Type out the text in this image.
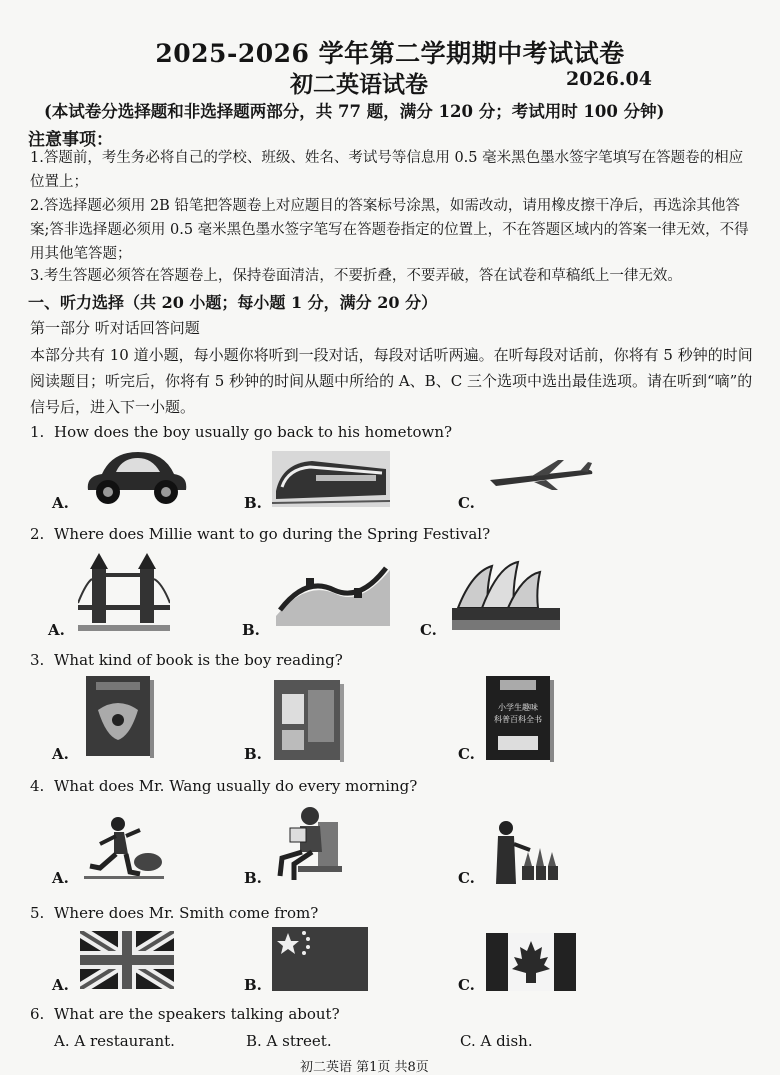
2025-2026 学年第二学期期中考试试卷
初二英语试卷	2026.04
(本试卷分选择题和非选择题两部分，共 77 题，满分 120 分；考试用时 100 分钟)
注意事项：
1.答题前，考生务必将自己的学校、班级、姓名、考试号等信息用 0.5 毫米黑色墨水签字笔填写在答题卷的相应位置上；
2.答选择题必须用 2B 铅笔把答题卷上对应题目的答案标号涂黑，如需改动，请用橡皮擦干净后，再选涂其他答案;答非选择题必须用 0.5 毫米黑色墨水签字笔写在答题卷指定的位置上，不在答题区域内的答案一律无效，不得用其他笔答题；
3.考生答题必须答在答题卷上，保持卷面清洁，不要折叠，不要弄破，答在试卷和草稿纸上一律无效。
一、听力选择（共 20 小题；每小题 1 分，满分 20 分）
第一部分 听对话回答问题
本部分共有 10 道小题，每小题你将听到一段对话，每段对话听两遍。在听每段对话前，你将有 5 秒钟的时间阅读题目；听完后，你将有 5 秒钟的时间从题中所给的 A、B、C 三个选项中选出最佳选项。请在听到“嘀”的信号后，进入下一小题。
1. How does the boy usually go back to his hometown?
A.	B.	C.
2. Where does Millie want to go during the Spring Festival?
A.	B.	C.
3. What kind of book is the boy reading?
小学生趣味
科普百科全书
A.	B.	C.
4. What does Mr. Wang usually do every morning?
A.	B.	C.
5. Where does Mr. Smith come from?
A.	B.	C.
6. What are the speakers talking about?
A. A restaurant.	B. A street.	C. A dish.
初二英语 第1页 共8页
